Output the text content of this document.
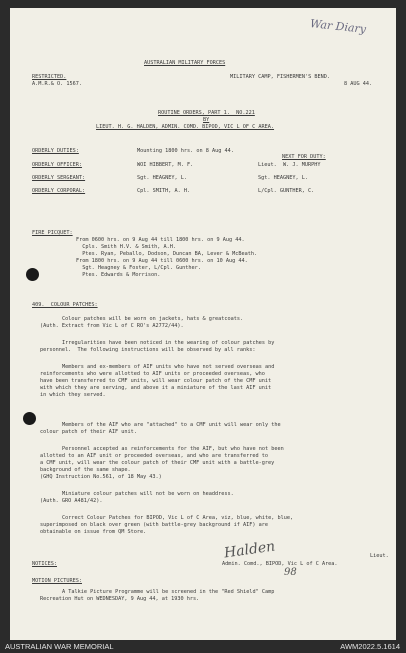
War Diary
AUSTRALIAN MILITARY FORCES
RESTRICTED.
A.M.R.& O. 1567.
MILITARY CAMP, FISHERMEN'S BEND.
8 AUG 44.
ROUTINE ORDERS, PART 1.  NO.221
BY
LIEUT. H. G. HALDEN, ADMIN. COMD. BIPOD, VIC L OF C AREA.
ORDERLY DUTIES:	Mounting 1800 hrs. on 8 Aug 44.
NEXT FOR DUTY:
ORDERLY OFFICER:	WOI HIBBERT, M. F.	Lieut.  W. J. MURPHY
ORDERLY SERGEANT:	Sgt. HEAGNEY, L.	Sgt. HEAGNEY, L.
ORDERLY CORPORAL:	Cpl. SMITH, A. H.	L/Cpl. GUNTHER, C.
FIRE PICQUET:
From 0600 hrs. on 9 Aug 44 till 1800 hrs. on 9 Aug 44.
Cpls. Smith H.V. & Smith, A.H.
Ptes. Ryan, Peballo, Dodson, Duncan BA, Lever & McBeath.
From 1800 hrs. on 9 Aug 44 till 0600 hrs. on 10 Aug 44.
Sgt. Heagney & Foster, L/Cpl. Gunther.
Ptes. Edwards & Morrison.
409.  COLOUR PATCHES:
Colour patches will be worn on jackets, hats & greatcoats.
(Auth. Extract from Vic L of C RO's A2772/44).
Irregularities have been noticed in the wearing of colour patches by
personnel.  The following instructions will be observed by all ranks:
Members and ex-members of AIF units who have not served overseas and
reinforcements who were allotted to AIF units or proceeded overseas, who
have been transferred to CMF units, will wear colour patch of the CMF unit
with which they are serving, and above it a miniature of the last AIF unit
in which they served.
Members of the AIF who are "attached" to a CMF unit will wear only the
colour patch of their AIF unit.
Personnel accepted as reinforcements for the AIF, but who have not been
allotted to an AIF unit or proceeded overseas, and who are transferred to
a CMF unit, will wear the colour patch of their CMF unit with a battle-grey
background of the same shape.
(GHQ Instruction No.561, of 18 May 43.)
Miniature colour patches will not be worn on headdress.
(Auth. GRO A481/42).
Correct Colour Patches for BIPOD, Vic L of C Area, viz, blue, white, blue,
superimposed on black over green (with battle-grey background if AIF) are
obtainable on issue from QM Store.
Halden	Lieut.
Admin. Comd., BIPOD, Vic L of C Area.
98
NOTICES:
MOTION PICTURES:
A Talkie Picture Programme will be screened in the "Red Shield" Camp
Recreation Hut on WEDNESDAY, 9 Aug 44, at 1930 hrs.
AUSTRALIAN WAR MEMORIAL	AWM2022.5.1614
